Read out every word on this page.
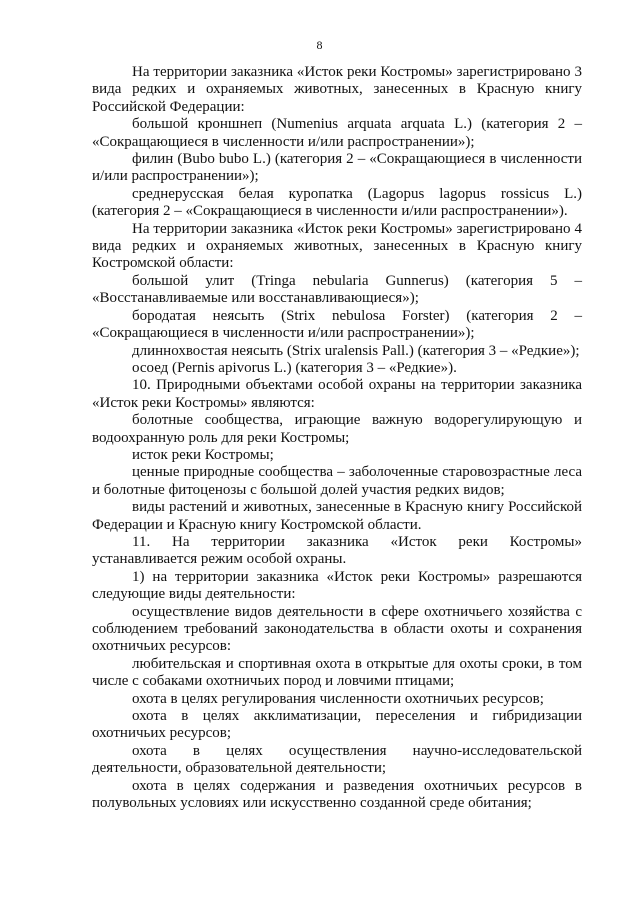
8

На территории заказника «Исток реки Костромы» зарегистрировано 3 вида редких и охраняемых животных, занесенных в Красную книгу Российской Федерации:

большой кроншнеп (Numenius arquata arquata L.) (категория 2 – «Сокращающиеся в численности и/или распространении»);

филин (Bubo bubo L.) (категория 2 – «Сокращающиеся в численности и/или распространении»);

среднерусская белая куропатка (Lagopus lagopus rossicus L.) (категория 2 – «Сокращающиеся в численности и/или распространении»).

На территории заказника «Исток реки Костромы» зарегистрировано 4 вида редких и охраняемых животных, занесенных в Красную книгу Костромской области:

большой улит (Tringa nebularia Gunnerus) (категория 5 – «Восстанавливаемые или восстанавливающиеся»);

бородатая неясыть (Strix nebulosa Forster) (категория 2 – «Сокращающиеся в численности и/или распространении»);

длиннохвостая неясыть (Strix uralensis Pall.) (категория 3 – «Редкие»);

осоед (Pernis apivorus L.) (категория 3 – «Редкие»).

10. Природными объектами особой охраны на территории заказника «Исток реки Костромы» являются:

болотные сообщества, играющие важную водорегулирующую и водоохранную роль для реки Костромы;

исток реки Костромы;

ценные природные сообщества – заболоченные старовозрастные леса и болотные фитоценозы с большой долей участия редких видов;

виды растений и животных, занесенные в Красную книгу Российской Федерации и Красную книгу Костромской области.

11. На территории заказника «Исток реки Костромы» устанавливается режим особой охраны.

1) на территории заказника «Исток реки Костромы» разрешаются следующие виды деятельности:

осуществление видов деятельности в сфере охотничьего хозяйства с соблюдением требований законодательства в области охоты и сохранения охотничьих ресурсов:

любительская и спортивная охота в открытые для охоты сроки, в том числе с собаками охотничьих пород и ловчими птицами;

охота в целях регулирования численности охотничьих ресурсов;

охота в целях акклиматизации, переселения и гибридизации охотничьих ресурсов;

охота в целях осуществления научно-исследовательской деятельности, образовательной деятельности;

охота в целях содержания и разведения охотничьих ресурсов в полувольных условиях или искусственно созданной среде обитания;
